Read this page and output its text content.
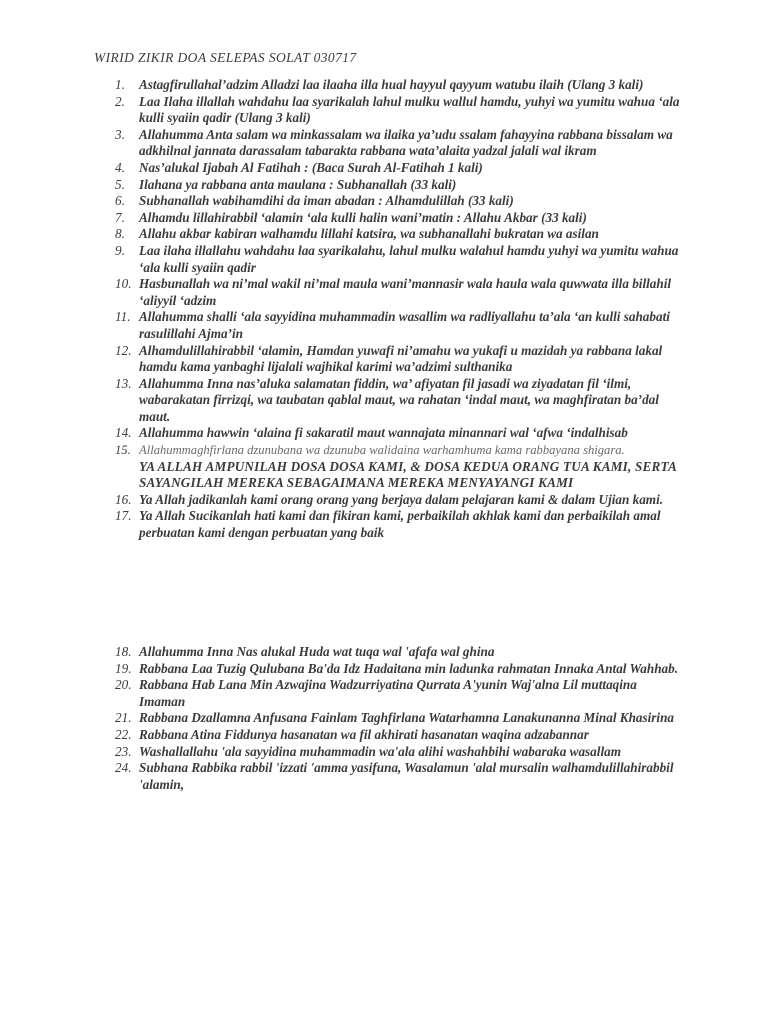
WIRID ZIKIR DOA SELEPAS SOLAT 030717
1.	Astagfirullahal’adzim Alladzi laa ilaaha illa hual hayyul qayyum watubu ilaih (Ulang 3 kali)
2.	Laa Ilaha illallah wahdahu laa syarikalah lahul mulku wallul hamdu, yuhyi wa yumitu wahua ‘ala kulli syaiin qadir (Ulang 3 kali)
3.	Allahumma Anta salam wa minkassalam wa ilaika ya’udu ssalam fahayyina rabbana bissalam wa adkhilnal jannata darassalam tabarakta rabbana wata’alaita yadzal jalali wal ikram
4.	Nas’alukal Ijabah Al Fatihah : (Baca Surah Al-Fatihah 1 kali)
5.	Ilahana ya rabbana anta maulana : Subhanallah (33 kali)
6.	Subhanallah wabihamdihi da iman abadan : Alhamdulillah (33 kali)
7.	Alhamdu lillahirabbil ‘alamin ‘ala kulli halin wani’matin : Allahu Akbar (33 kali)
8.	Allahu akbar kabiran walhamdu lillahi katsira, wa subhanallahi bukratan wa asilan
9.	Laa ilaha illallahu wahdahu laa syarikalahu, lahul mulku walahul hamdu yuhyi wa yumitu wahua ‘ala kulli syaiin qadir
10. Hasbunallah wa ni’mal wakil ni’mal maula wani’mannasir wala haula wala quwwata illa billahil ‘aliyyil ‘adzim
11. Allahumma shalli ‘ala sayyidina muhammadin wasallim wa radliyallahu ta’ala ‘an kulli sahabati rasulillahi Ajma’in
12. Alhamdulillahirabbil ‘alamin, Hamdan yuwafi ni’amahu wa yukafi u mazidah ya rabbana lakal hamdu kama yanbaghi lijalali wajhikal karimi wa’adzimi sulthanika
13. Allahumma Inna nas’aluka salamatan fiddin, wa’ afiyatan fil jasadi wa ziyadatan fil ‘ilmi, wabarakatan firrizqi, wa taubatan qablal maut, wa rahatan ‘indal maut, wa maghfiratan ba’dal maut.
14. Allahumma hawwin ‘alaina fi sakaratil maut wannajata minannari wal ‘afwa ‘indalhisab
15. Allahummaghfirlana dzunubana wa dzunuba walidaina warhamhuma kama rabbayana shigara.
YA ALLAH AMPUNILAH DOSA DOSA KAMI, & DOSA KEDUA ORANG TUA KAMI, SERTA SAYANGILAH MEREKA SEBAGAIMANA MEREKA MENYAYANGI KAMI
16. Ya Allah jadikanlah kami orang orang yang berjaya dalam pelajaran kami & dalam Ujian kami.
17. Ya Allah Sucikanlah hati kami dan fikiran kami, perbaikilah akhlak kami dan perbaikilah amal perbuatan kami dengan perbuatan yang baik
18. Allahumma Inna Nas alukal Huda wat tuqa wal 'afafa wal ghina
19. Rabbana Laa Tuzig Qulubana Ba'da Idz Hadaitana min ladunka rahmatan Innaka Antal Wahhab.
20. Rabbana Hab Lana Min Azwajina Wadzurriyatina Qurrata A'yunin Waj'alna Lil muttaqina Imaman
21. Rabbana Dzallamna Anfusana Fainlam Taghfirlana Watarhamna Lanakunanna Minal Khasirina
22. Rabbana Atina Fiddunya hasanatan wa fil akhirati hasanatan waqina adzabannar
23. Washallallahu 'ala sayyidina muhammadin wa'ala alihi washahbihi wabaraka wasallam
24. Subhana Rabbika rabbil 'izzati 'amma yasifuna, Wasalamun 'alal mursalin walhamdulillahirabbil 'alamin,
